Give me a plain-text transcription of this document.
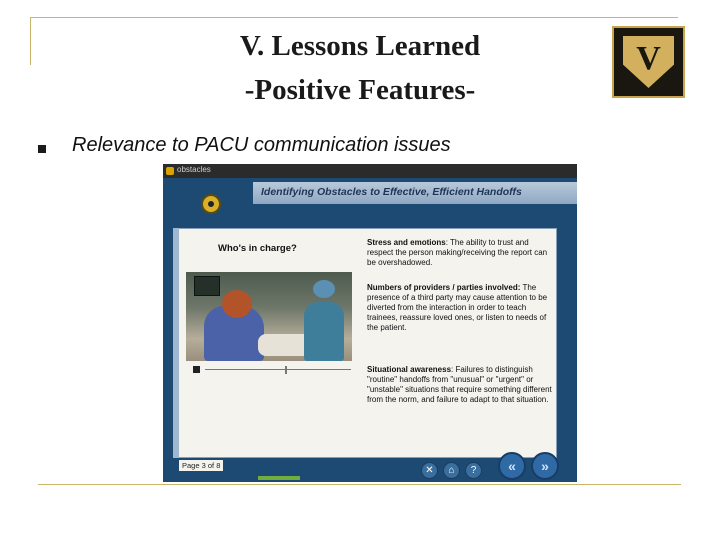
V. Lessons Learned
-Positive Features-
V
Relevance to PACU communication issues
obstacles
Identifying Obstacles to Effective, Efficient Handoffs
Who's in charge?
Stress and emotions: The ability to trust and respect the person making/receiving the report can be overshadowed.
Numbers of providers / parties involved: The presence of a third party may cause attention to be diverted from the interaction in order to teach trainees, reassure loved ones, or listen to needs of the patient.
Situational awareness: Failures to distinguish "routine" handoffs from "unusual" or "urgent" or "unstable" situations that require something different from the norm, and failure to adapt to that situation.
Page 3 of 8	✕	⌂	?	«	»
